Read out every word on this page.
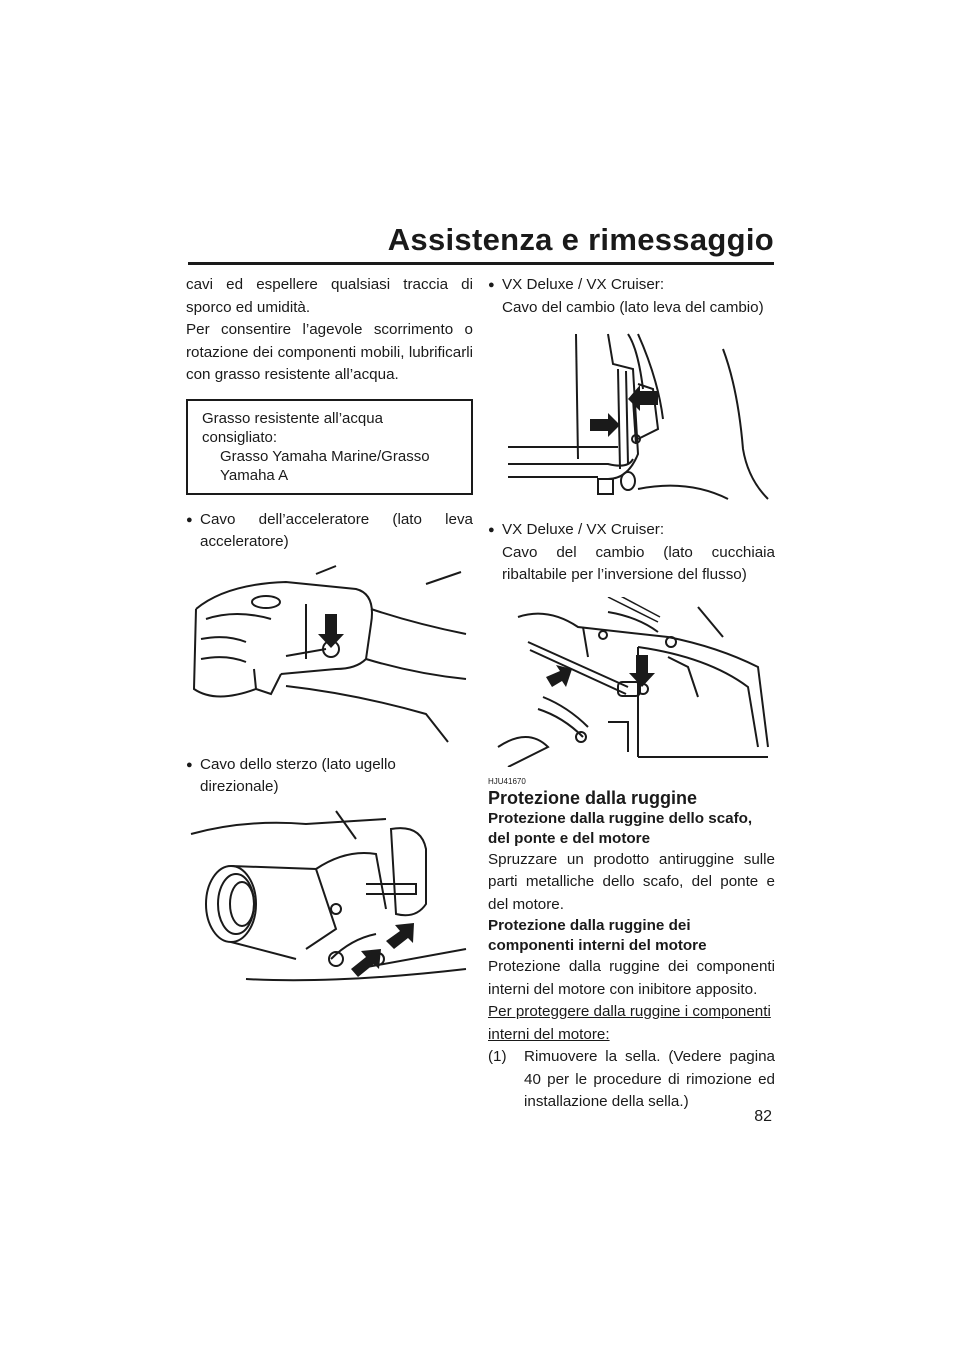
Assistenza e rimessaggio

cavi ed espellere qualsiasi traccia di sporco ed umidità.

Per consentire l’agevole scorrimento o rotazione dei componenti mobili, lubrificarli con grasso resistente all’acqua.

Grasso resistente all’acqua consigliato:
Grasso Yamaha Marine/Grasso
Yamaha A
● Cavo dell’acceleratore (lato leva acceleratore)
● Cavo dello sterzo (lato ugello direzionale)
● VX Deluxe / VX Cruiser:
Cavo del cambio (lato leva del cambio)
● VX Deluxe / VX Cruiser:

Cavo del cambio (lato cucchiaia ribaltabile per l’inversione del flusso)
HJU41670
Protezione dalla ruggine
Protezione dalla ruggine dello scafo, del ponte e del motore

Spruzzare un prodotto antiruggine sulle parti metalliche dello scafo, del ponte e del motore.

Protezione dalla ruggine dei componenti interni del motore

Protezione dalla ruggine dei componenti interni del motore con inibitore apposito.

Per proteggere dalla ruggine i componenti interni del motore:

(1)	Rimuovere la sella. (Vedere pagina 40 per le procedure di rimozione ed installazione della sella.)
82
